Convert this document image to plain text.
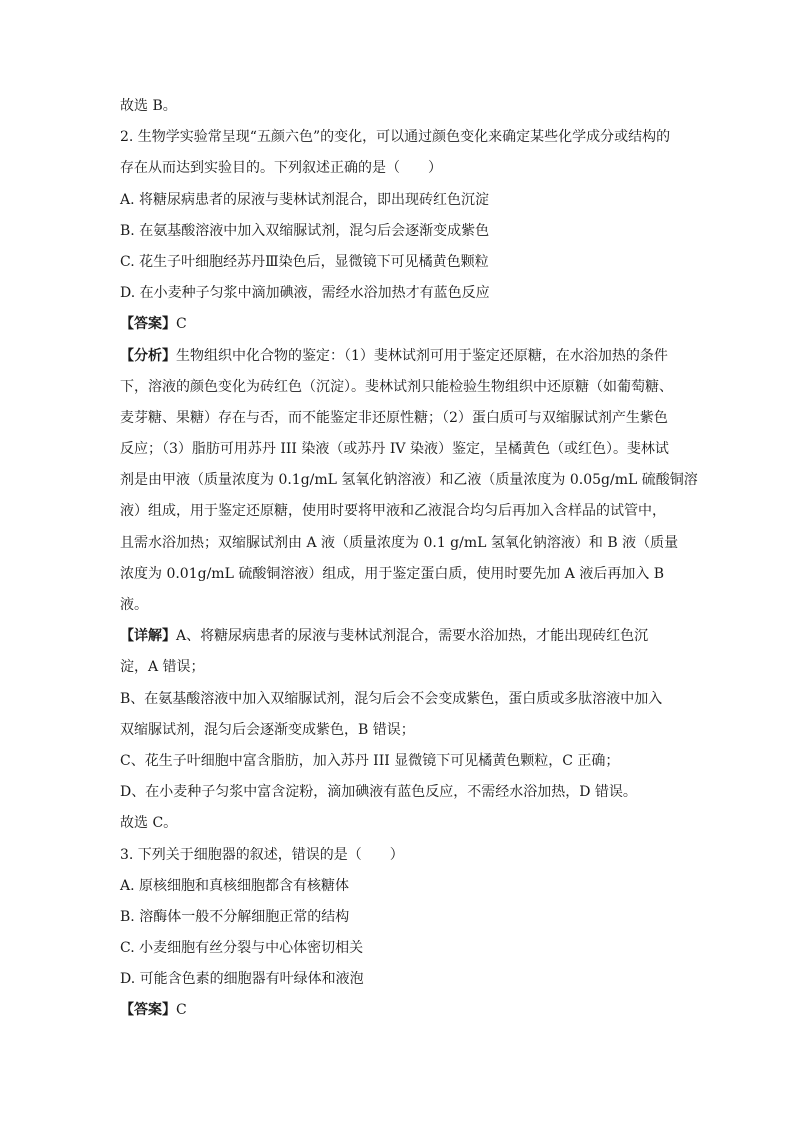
故选 B。
2. 生物学实验常呈现“五颜六色”的变化，可以通过颜色变化来确定某些化学成分或结构的
存在从而达到实验目的。下列叙述正确的是（　　）
A. 将糖尿病患者的尿液与斐林试剂混合，即出现砖红色沉淀
B. 在氨基酸溶液中加入双缩脲试剂，混匀后会逐渐变成紫色
C. 花生子叶细胞经苏丹Ⅲ染色后，显微镜下可见橘黄色颗粒
D. 在小麦种子匀浆中滴加碘液，需经水浴加热才有蓝色反应
【答案】C
【分析】生物组织中化合物的鉴定：（1）斐林试剂可用于鉴定还原糖，在水浴加热的条件
下，溶液的颜色变化为砖红色（沉淀）。斐林试剂只能检验生物组织中还原糖（如葡萄糖、
麦芽糖、果糖）存在与否，而不能鉴定非还原性糖；（2）蛋白质可与双缩脲试剂产生紫色
反应；（3）脂肪可用苏丹 III 染液（或苏丹 IV 染液）鉴定，呈橘黄色（或红色）。斐林试
剂是由甲液（质量浓度为 0.1g/mL 氢氧化钠溶液）和乙液（质量浓度为 0.05g/mL 硫酸铜溶
液）组成，用于鉴定还原糖，使用时要将甲液和乙液混合均匀后再加入含样品的试管中，
且需水浴加热；双缩脲试剂由 A 液（质量浓度为 0.1 g/mL 氢氧化钠溶液）和 B 液（质量
浓度为 0.01g/mL 硫酸铜溶液）组成，用于鉴定蛋白质，使用时要先加 A 液后再加入 B
液。
【详解】A、将糖尿病患者的尿液与斐林试剂混合，需要水浴加热，才能出现砖红色沉
淀，A 错误；
B、在氨基酸溶液中加入双缩脲试剂，混匀后会不会变成紫色，蛋白质或多肽溶液中加入
双缩脲试剂，混匀后会逐渐变成紫色，B 错误；
C、花生子叶细胞中富含脂肪，加入苏丹 III 显微镜下可见橘黄色颗粒，C 正确；
D、在小麦种子匀浆中富含淀粉，滴加碘液有蓝色反应，不需经水浴加热，D 错误。
故选 C。
3. 下列关于细胞器的叙述，错误的是（　　）
A. 原核细胞和真核细胞都含有核糖体
B. 溶酶体一般不分解细胞正常的结构
C. 小麦细胞有丝分裂与中心体密切相关
D. 可能含色素的细胞器有叶绿体和液泡
【答案】C
